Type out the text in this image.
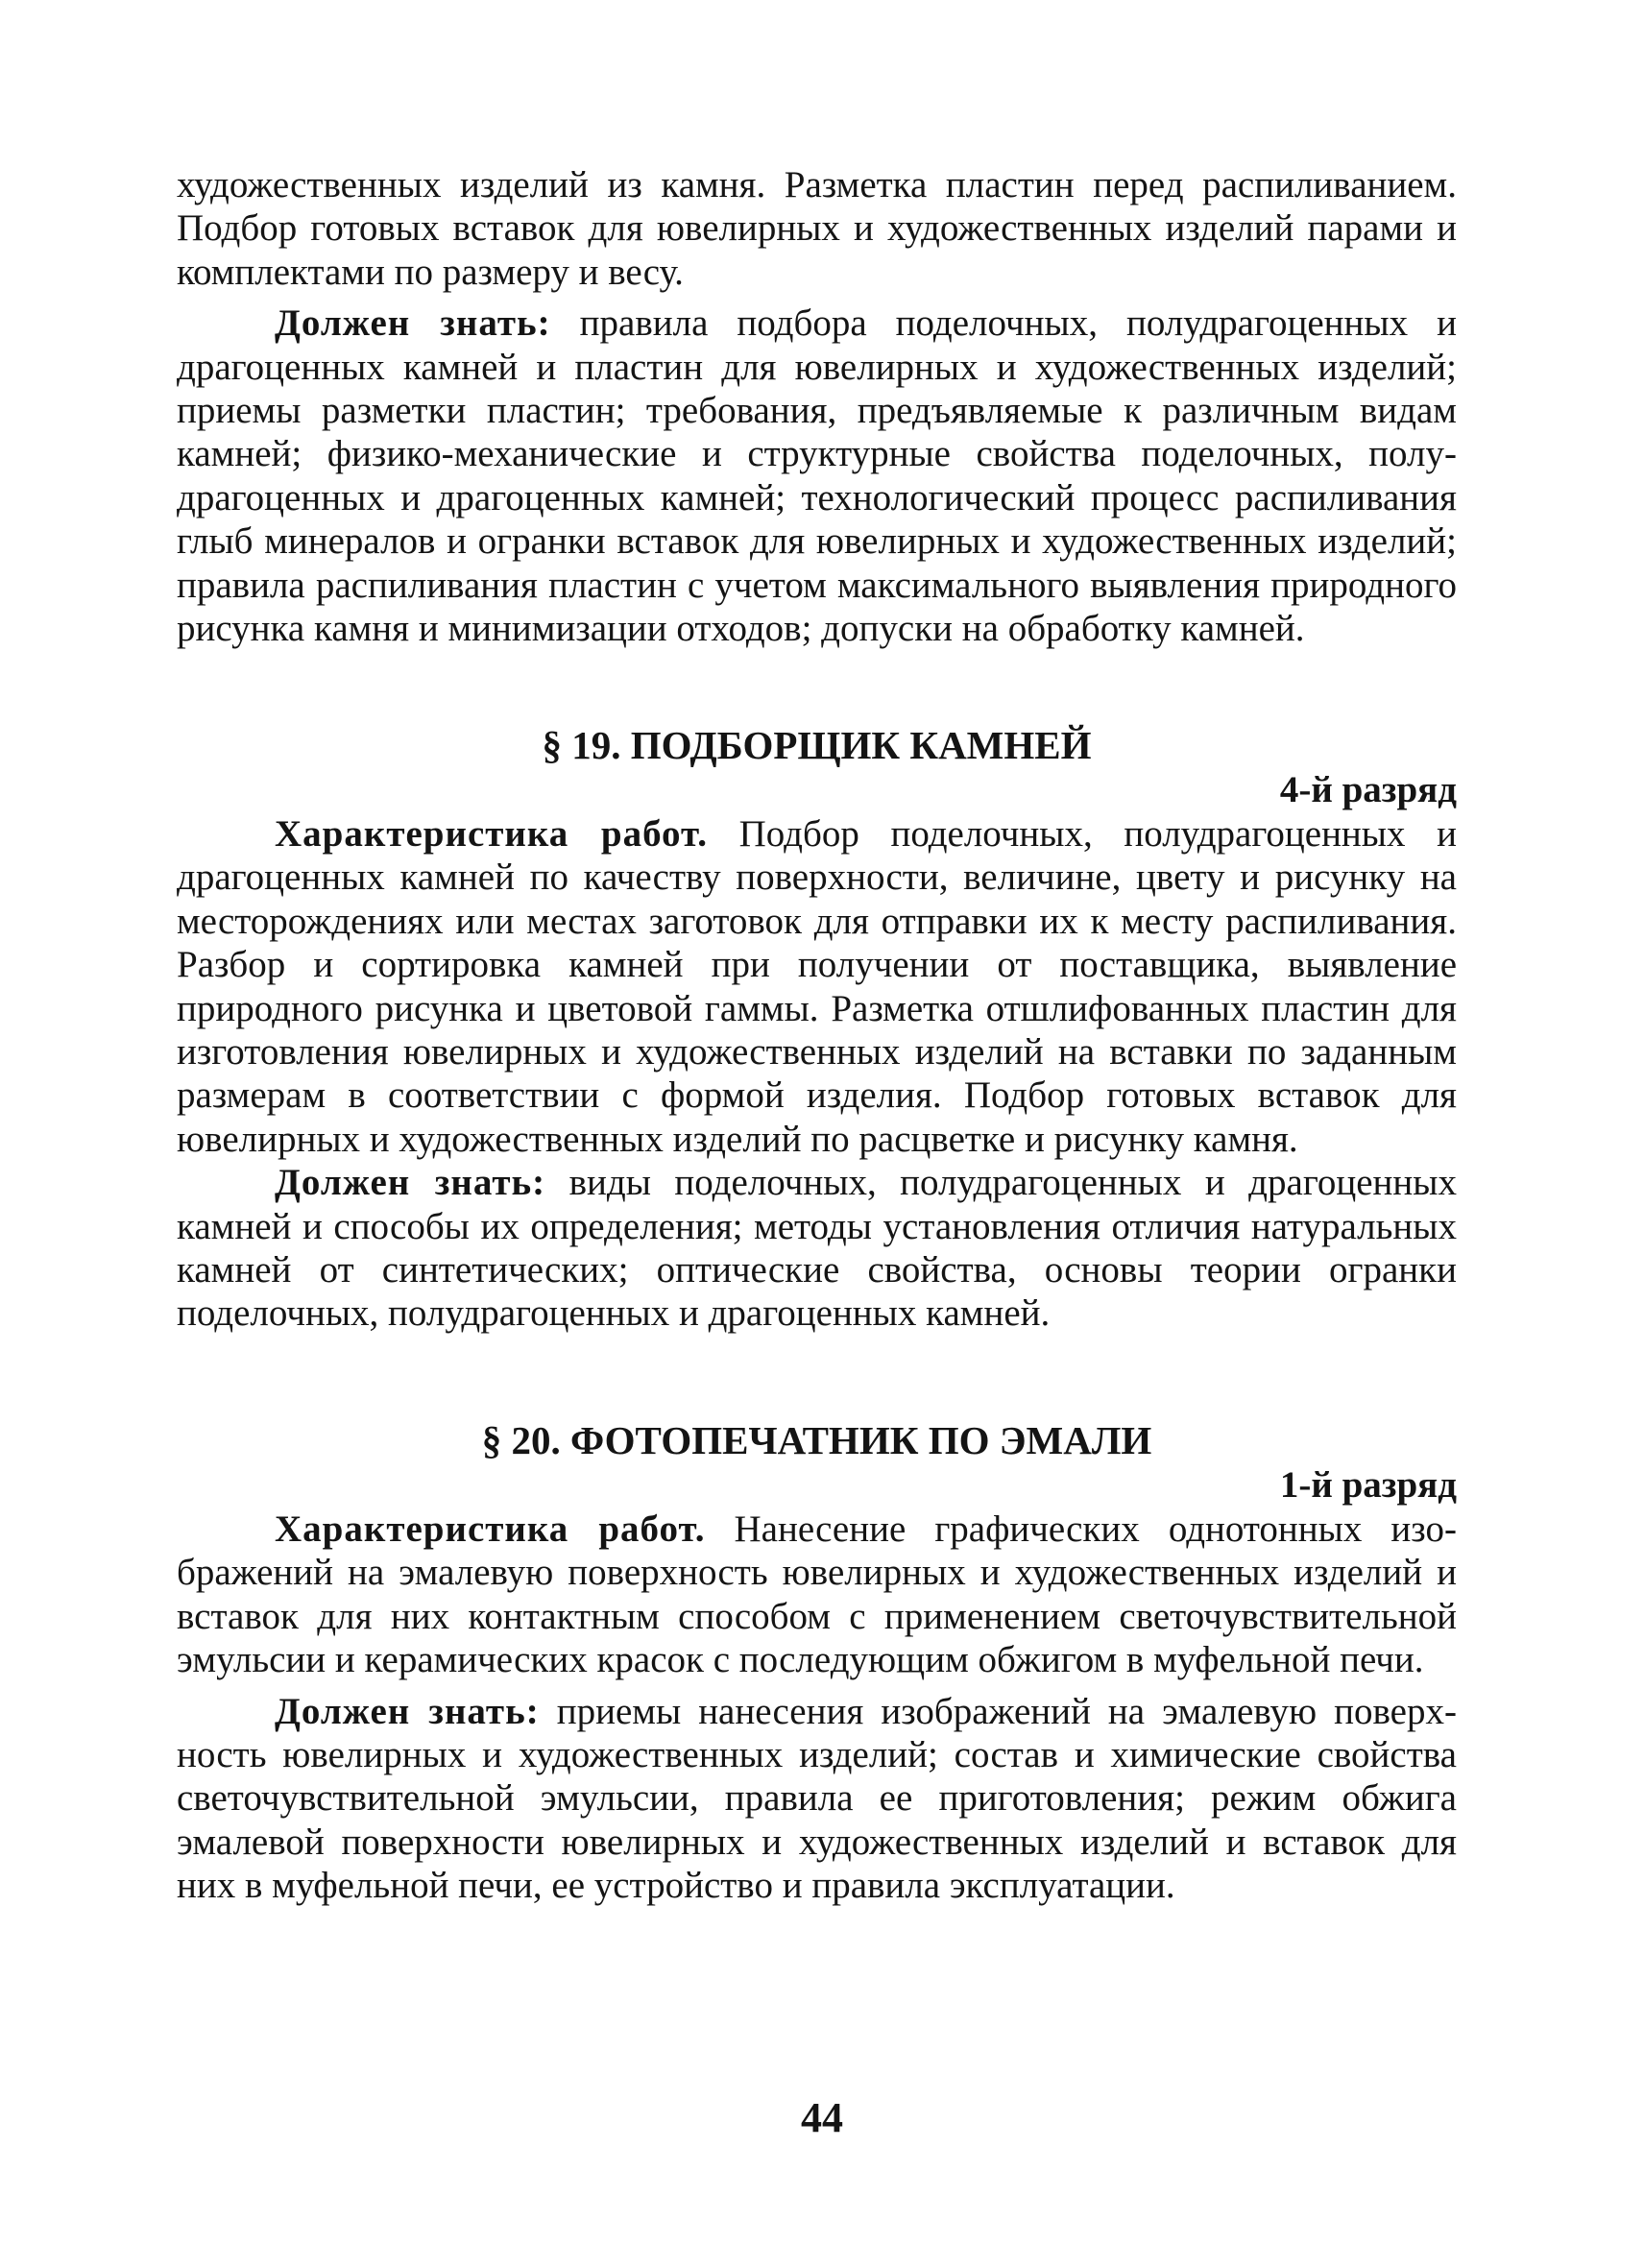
художественных изделий из камня. Разметка пластин перед распиливанием. Подбор готовых вставок для ювелирных и художественных изделий парами и комплектами по размеру и весу.

Должен знать: правила подбора поделочных, полудрагоценных и драгоценных камней и пластин для ювелирных и художественных изделий; приемы разметки пластин; требования, предъявляемые к различным видам камней; физико-механические и структурные свойства поделочных, полудрагоценных и драгоценных камней; технологический процесс распиливания глыб минералов и огранки вставок для ювелирных и художественных изделий; правила распиливания пластин с учетом максимального выявления природного рисунка камня и минимизации отходов; допуски на обработку камней.

§ 19. ПОДБОРЩИК КАМНЕЙ

4-й разряд

Характеристика работ. Подбор поделочных, полудрагоценных и драгоценных камней по качеству поверхности, величине, цвету и рисунку на месторождениях или местах заготовок для отправки их к месту распиливания. Разбор и сортировка камней при получении от поставщика, выявление природного рисунка и цветовой гаммы. Разметка отшлифованных пластин для изготовления ювелирных и художественных изделий на вставки по заданным размерам в соответствии с формой изделия. Подбор готовых вставок для ювелирных и художественных изделий по расцветке и рисунку камня.

Должен знать: виды поделочных, полудрагоценных и драгоценных камней и способы их определения; методы установления отличия натуральных камней от синтетических; оптические свойства, основы теории огранки поделочных, полудрагоценных и драгоценных камней.

§ 20. ФОТОПЕЧАТНИК ПО ЭМАЛИ

1-й разряд

Характеристика работ. Нанесение графических однотонных изображений на эмалевую поверхность ювелирных и художественных изделий и вставок для них контактным способом с применением светочувствительной эмульсии и керамических красок с последующим обжигом в муфельной печи.

Должен знать: приемы нанесения изображений на эмалевую поверхность ювелирных и художественных изделий; состав и химические свойства светочувствительной эмульсии, правила ее приготовления; режим обжига эмалевой поверхности ювелирных и художественных изделий и вставок для них в муфельной печи, ее устройство и правила эксплуатации.

44
